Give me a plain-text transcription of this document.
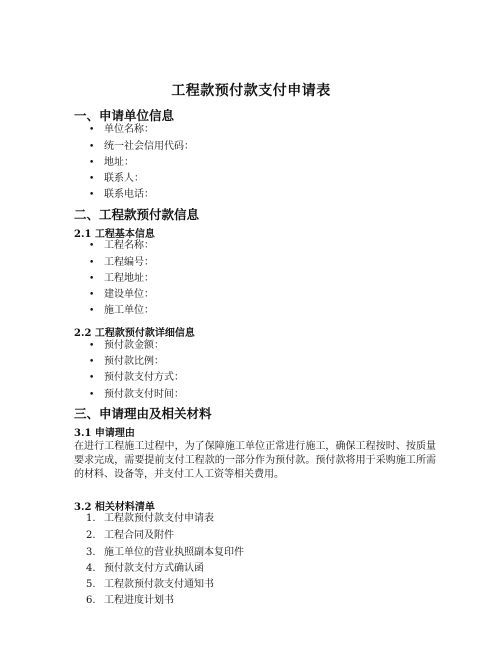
工程款预付款支付申请表
一、申请单位信息
• 单位名称：
• 统一社会信用代码：
• 地址：
• 联系人：
• 联系电话：
二、工程款预付款信息
2.1 工程基本信息
• 工程名称：
• 工程编号：
• 工程地址：
• 建设单位：
• 施工单位：
2.2 工程款预付款详细信息
• 预付款金额：
• 预付款比例：
• 预付款支付方式：
• 预付款支付时间：
三、申请理由及相关材料
3.1 申请理由
在进行工程施工过程中，为了保障施工单位正常进行施工，确保工程按时、按质量要求完成，需要提前支付工程款的一部分作为预付款。预付款将用于采购施工所需的材料、设备等，并支付工人工资等相关费用。
3.2 相关材料清单
1. 工程款预付款支付申请表
2. 工程合同及附件
3. 施工单位的营业执照副本复印件
4. 预付款支付方式确认函
5. 工程款预付款支付通知书
6. 工程进度计划书
